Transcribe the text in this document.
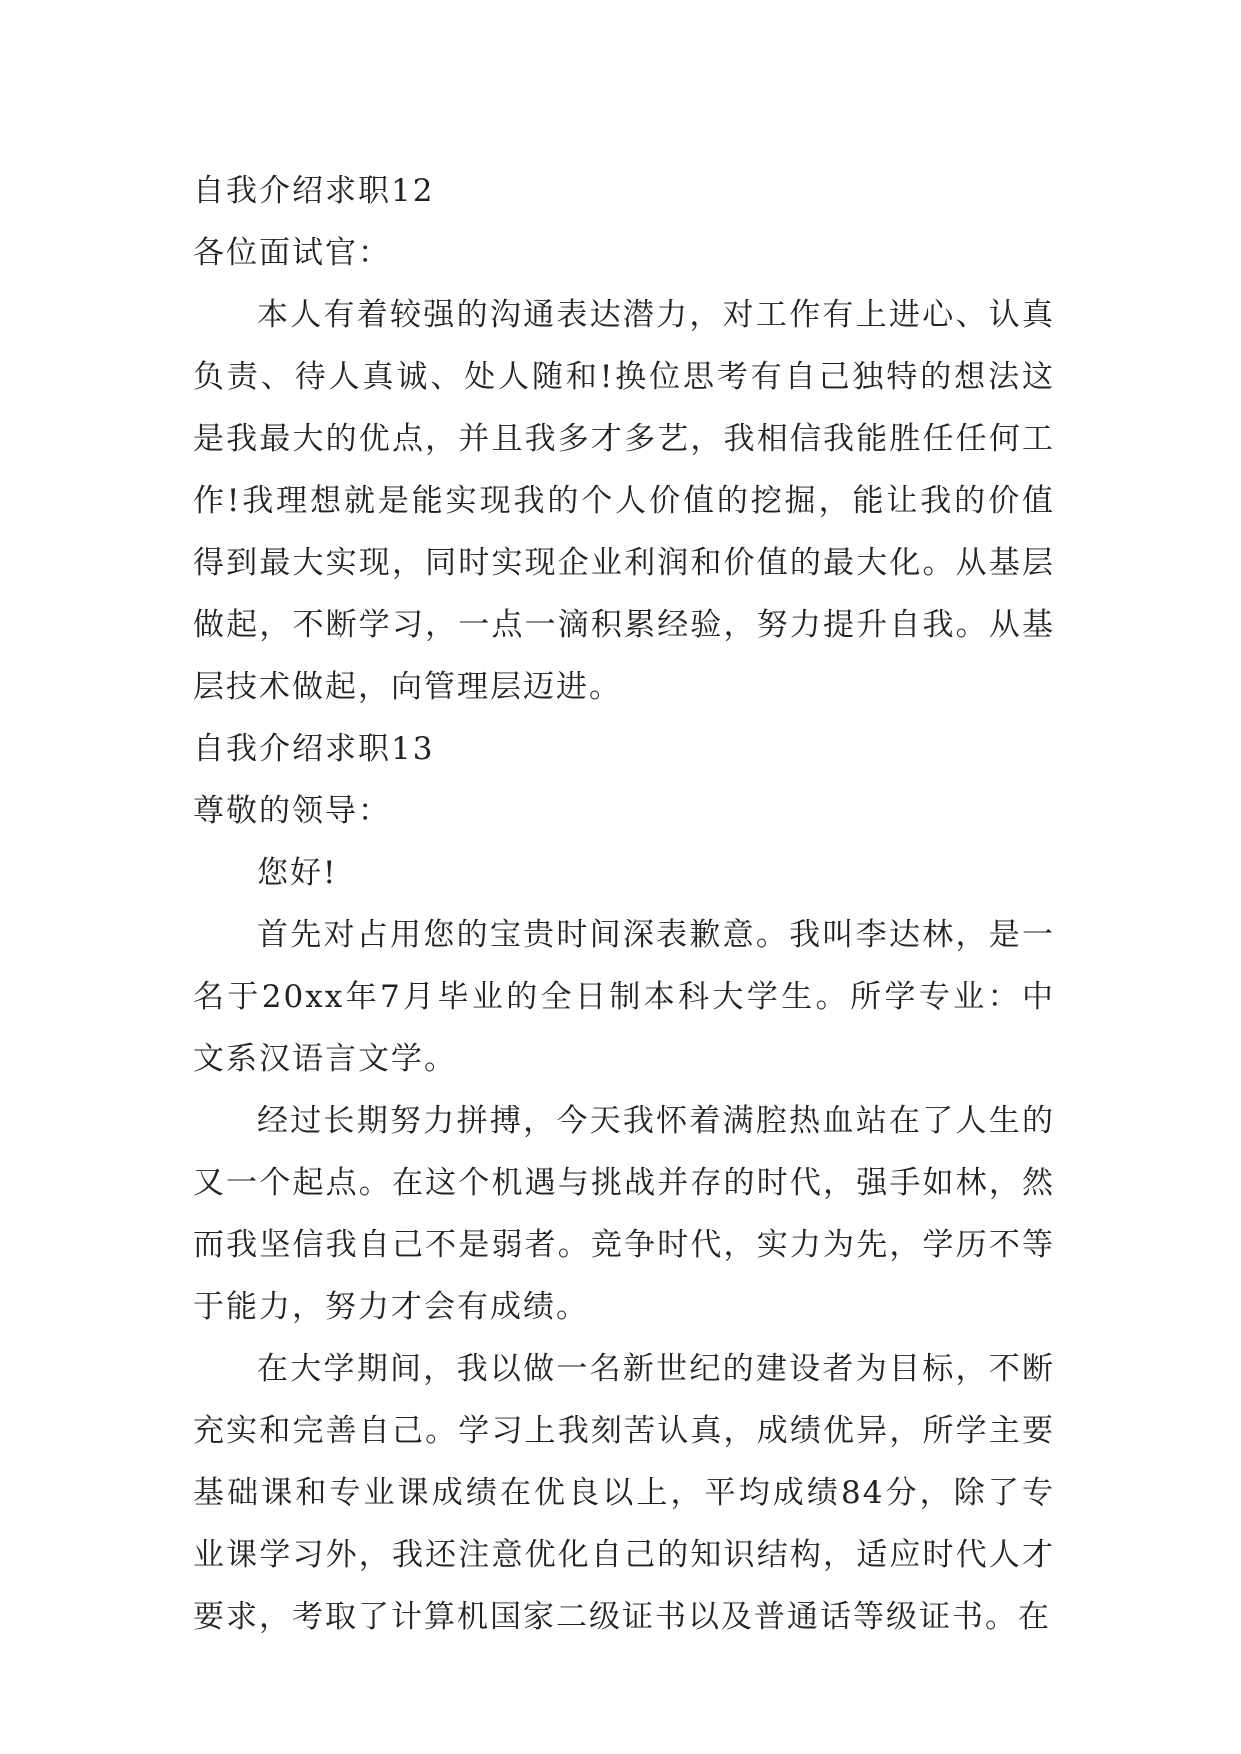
自我介绍求职12

各位面试官：

本人有着较强的沟通表达潜力，对工作有上进心、认真负责、待人真诚、处人随和!换位思考有自己独特的想法这是我最大的优点，并且我多才多艺，我相信我能胜任任何工作!我理想就是能实现我的个人价值的挖掘，能让我的价值得到最大实现，同时实现企业利润和价值的最大化。从基层做起，不断学习，一点一滴积累经验，努力提升自我。从基层技术做起，向管理层迈进。

自我介绍求职13

尊敬的领导：

您好!

首先对占用您的宝贵时间深表歉意。我叫李达林，是一名于20xx年7月毕业的全日制本科大学生。所学专业：中文系汉语言文学。

经过长期努力拼搏，今天我怀着满腔热血站在了人生的又一个起点。在这个机遇与挑战并存的时代，强手如林，然而我坚信我自己不是弱者。竞争时代，实力为先，学历不等于能力，努力才会有成绩。

在大学期间，我以做一名新世纪的建设者为目标，不断充实和完善自己。学习上我刻苦认真，成绩优异，所学主要基础课和专业课成绩在优良以上，平均成绩84分，除了专业课学习外，我还注意优化自己的知识结构，适应时代人才要求，考取了计算机国家二级证书以及普通话等级证书。在
